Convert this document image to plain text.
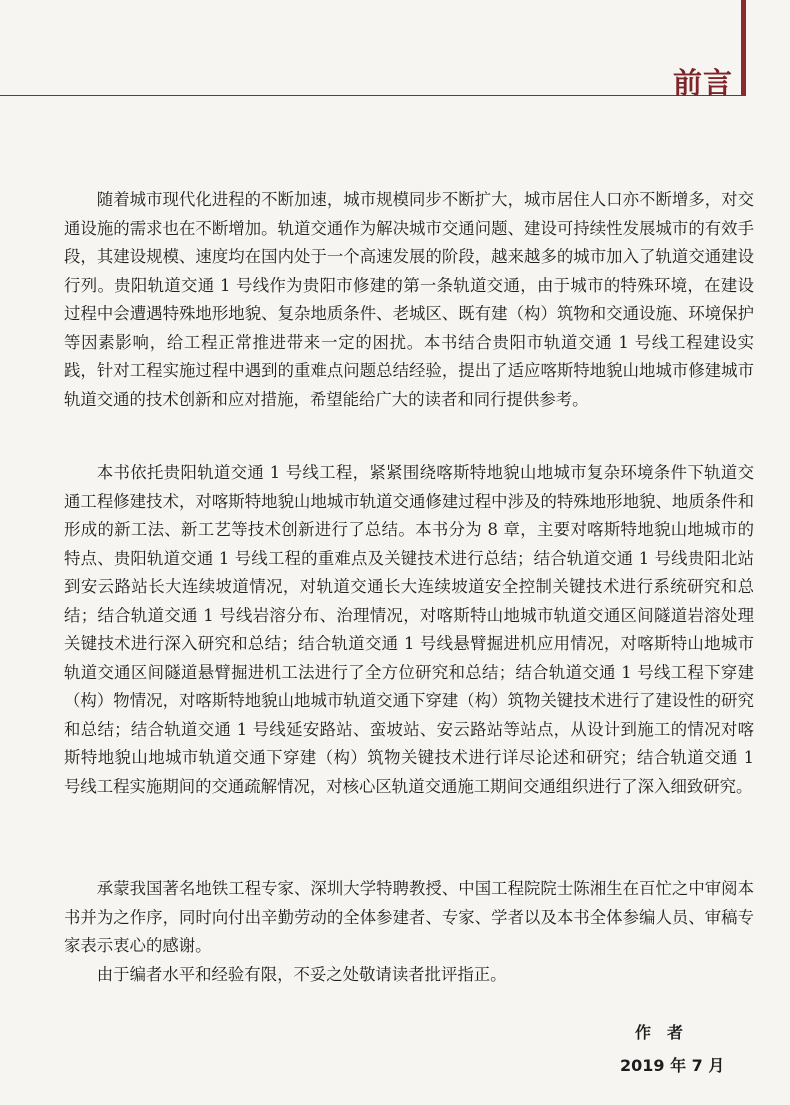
前言

随着城市现代化进程的不断加速，城市规模同步不断扩大，城市居住人口亦不断增多，对交通设施的需求也在不断增加。轨道交通作为解决城市交通问题、建设可持续性发展城市的有效手段，其建设规模、速度均在国内处于一个高速发展的阶段，越来越多的城市加入了轨道交通建设行列。贵阳轨道交通 1 号线作为贵阳市修建的第一条轨道交通，由于城市的特殊环境，在建设过程中会遭遇特殊地形地貌、复杂地质条件、老城区、既有建（构）筑物和交通设施、环境保护等因素影响，给工程正常推进带来一定的困扰。本书结合贵阳市轨道交通 1 号线工程建设实践，针对工程实施过程中遇到的重难点问题总结经验，提出了适应喀斯特地貌山地城市修建城市轨道交通的技术创新和应对措施，希望能给广大的读者和同行提供参考。

本书依托贵阳轨道交通 1 号线工程，紧紧围绕喀斯特地貌山地城市复杂环境条件下轨道交通工程修建技术，对喀斯特地貌山地城市轨道交通修建过程中涉及的特殊地形地貌、地质条件和形成的新工法、新工艺等技术创新进行了总结。本书分为 8 章，主要对喀斯特地貌山地城市的特点、贵阳轨道交通 1 号线工程的重难点及关键技术进行总结；结合轨道交通 1 号线贵阳北站到安云路站长大连续坡道情况，对轨道交通长大连续坡道安全控制关键技术进行系统研究和总结；结合轨道交通 1 号线岩溶分布、治理情况，对喀斯特山地城市轨道交通区间隧道岩溶处理关键技术进行深入研究和总结；结合轨道交通 1 号线悬臂掘进机应用情况，对喀斯特山地城市轨道交通区间隧道悬臂掘进机工法进行了全方位研究和总结；结合轨道交通 1 号线工程下穿建（构）物情况，对喀斯特地貌山地城市轨道交通下穿建（构）筑物关键技术进行了建设性的研究和总结；结合轨道交通 1 号线延安路站、蛮坡站、安云路站等站点，从设计到施工的情况对喀斯特地貌山地城市轨道交通下穿建（构）筑物关键技术进行详尽论述和研究；结合轨道交通 1 号线工程实施期间的交通疏解情况，对核心区轨道交通施工期间交通组织进行了深入细致研究。

承蒙我国著名地铁工程专家、深圳大学特聘教授、中国工程院院士陈湘生在百忙之中审阅本书并为之作序，同时向付出辛勤劳动的全体参建者、专家、学者以及本书全体参编人员、审稿专家表示衷心的感谢。

由于编者水平和经验有限，不妥之处敬请读者批评指正。

作　者
2019 年 7 月
